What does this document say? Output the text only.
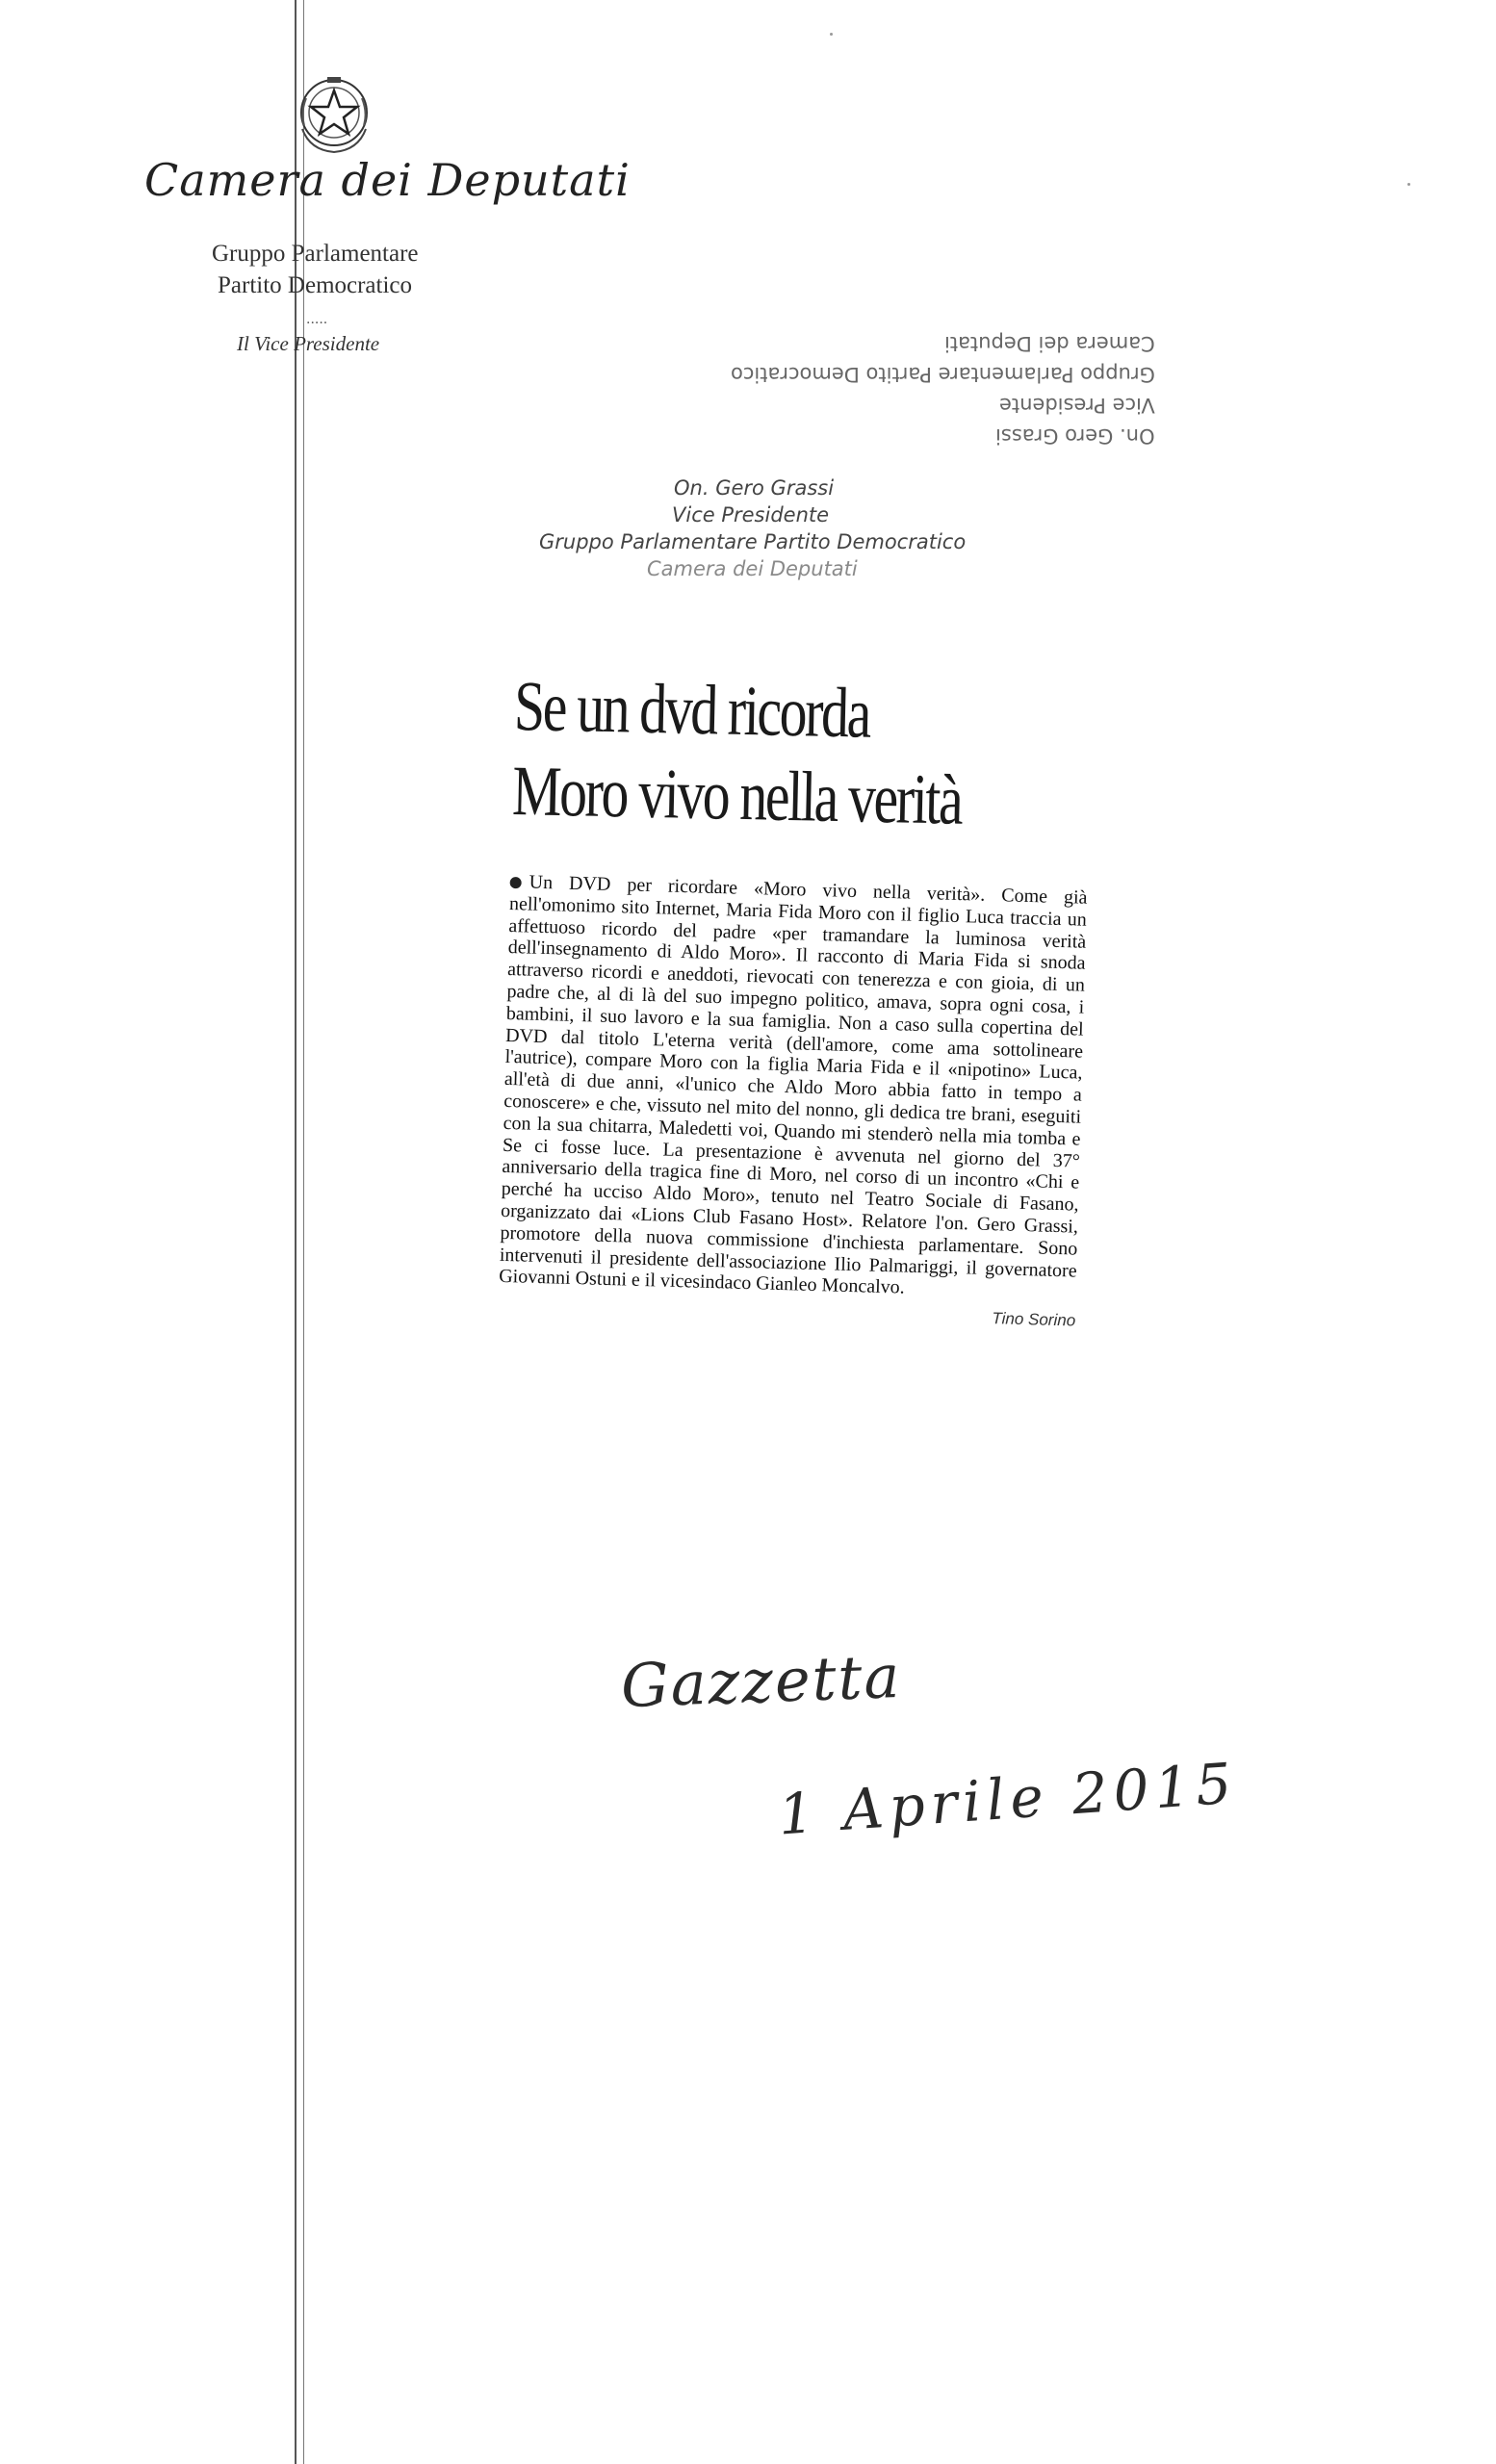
Camera dei Deputati
Gruppo Parlamentare
Partito Democratico
·····
Il Vice Presidente	Camera dei Deputati
Gruppo Parlamentare Partito Democratico
Vice Presidente
On. Gero Grassi
On. Gero Grassi
Vice Presidente
Gruppo Parlamentare Partito Democratico
Camera dei Deputati
Se un dvd ricorda
Moro vivo nella verità

Un DVD per ricordare «Moro vivo nella verità». Come già nell'omonimo sito Internet, Maria Fida Moro con il figlio Luca traccia un affettuoso ricordo del padre «per tramandare la luminosa verità dell'insegnamento di Aldo Moro». Il racconto di Maria Fida si snoda attraverso ricordi e aneddoti, rievocati con tenerezza e con gioia, di un padre che, al di là del suo impegno politico, amava, sopra ogni cosa, i bambini, il suo lavoro e la sua famiglia. Non a caso sulla copertina del DVD dal titolo L'eterna verità (dell'amore, come ama sottolineare l'autrice), compare Moro con la figlia Maria Fida e il «nipotino» Luca, all'età di due anni, «l'unico che Aldo Moro abbia fatto in tempo a conoscere» e che, vissuto nel mito del nonno, gli dedica tre brani, eseguiti con la sua chitarra, Maledetti voi, Quando mi stenderò nella mia tomba e Se ci fosse luce. La presentazione è avvenuta nel giorno del 37° anniversario della tragica fine di Moro, nel corso di un incontro «Chi e perché ha ucciso Aldo Moro», tenuto nel Teatro Sociale di Fasano, organizzato dai «Lions Club Fasano Host». Relatore l'on. Gero Grassi, promotore della nuova commissione d'inchiesta parlamentare. Sono intervenuti il presidente dell'associazione Ilio Palmariggi, il governatore Giovanni Ostuni e il vicesindaco Gianleo Moncalvo.

Tino Sorino
Gazzetta
1 Aprile 2015
